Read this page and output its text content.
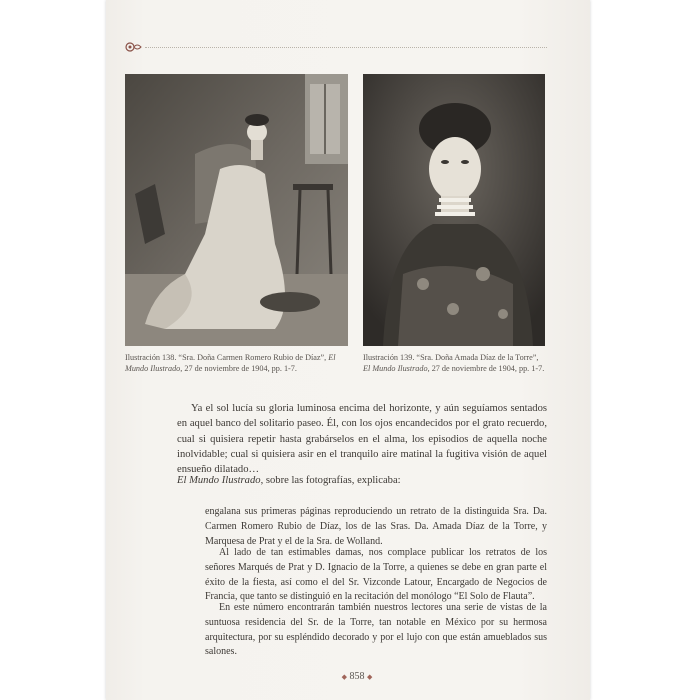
Ilustración 138. “Sra. Doña Carmen Romero Rubio de Díaz”, El Mundo Ilustrado, 27 de noviembre de 1904, pp. 1-7.
Ilustración 139. “Sra. Doña Amada Díaz de la Torre”, El Mundo Ilustrado, 27 de noviembre de 1904, pp. 1-7.

Ya el sol lucía su gloria luminosa encima del horizonte, y aún seguíamos sentados en aquel banco del solitario paseo. Él, con los ojos encandecidos por el grato recuerdo, cual si quisiera repetir hasta grabárselos en el alma, los episodios de aquella noche inolvidable; cual si quisiera asir en el tranquilo aire matinal la fugitiva visión de aquel ensueño dilatado…

El Mundo Ilustrado, sobre las fotografías, explicaba:

engalana sus primeras páginas reproduciendo un retrato de la distinguida Sra. Da. Carmen Romero Rubio de Díaz, los de las Sras. Da. Amada Díaz de la Torre, y Marquesa de Prat y el de la Sra. de Wolland.

Al lado de tan estimables damas, nos complace publicar los retratos de los señores Marqués de Prat y D. Ignacio de la Torre, a quienes se debe en gran parte el éxito de la fiesta, así como el del Sr. Vizconde Latour, Encargado de Negocios de Francia, que tanto se distinguió en la recitación del monólogo “El Solo de Flauta”.

En este número encontrarán también nuestros lectores una serie de vistas de la suntuosa residencia del Sr. de la Torre, tan notable en México por su hermosa arquitectura, por su espléndido decorado y por el lujo con que están amueblados sus salones.

◆ 858 ◆
